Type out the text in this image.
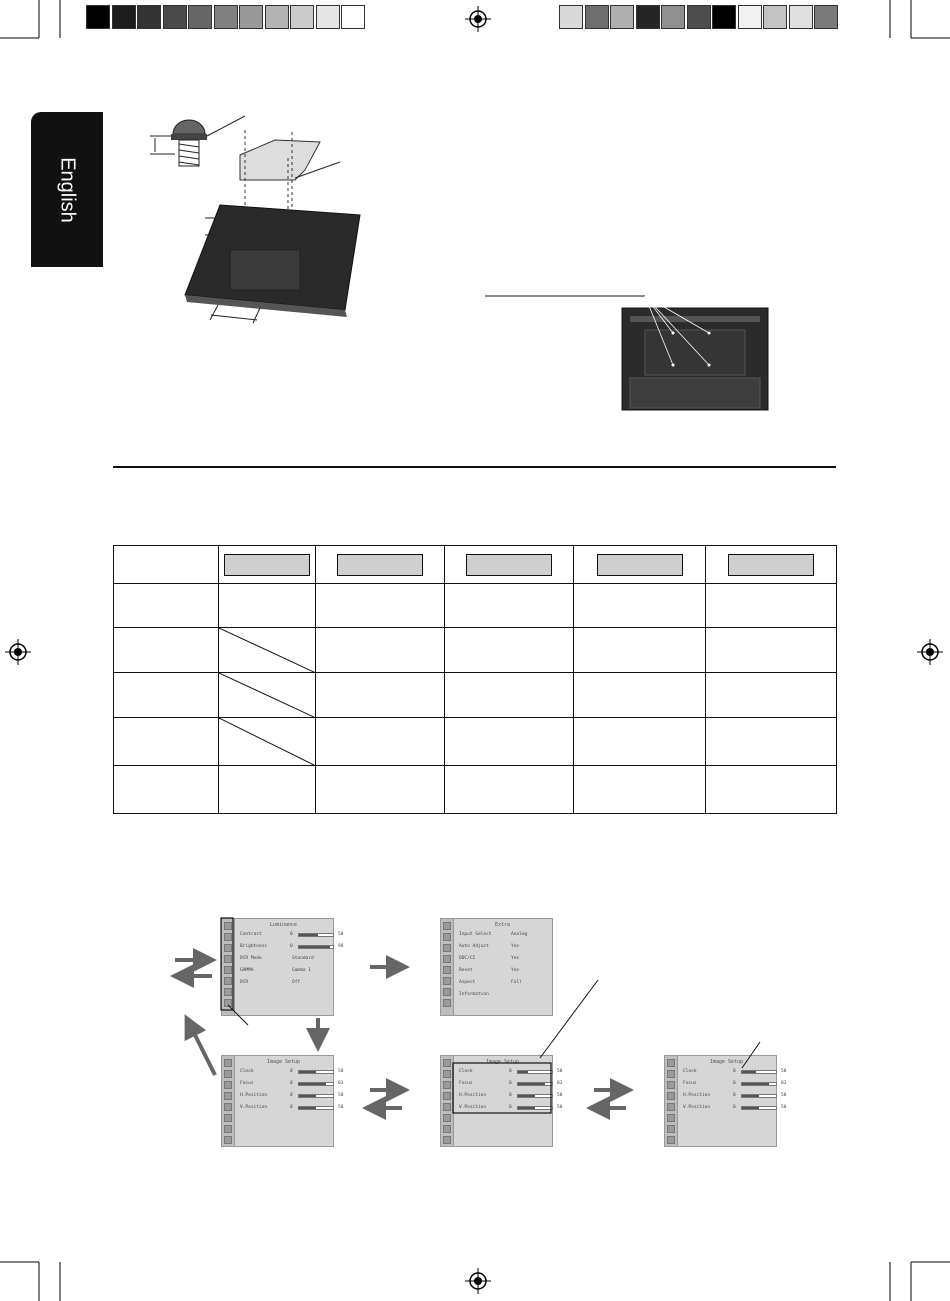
English

Luminance
Contrast	0	50
Brightness	0	90
DCR Mode	Standard
GAMMA	Gamma 1
DCR	Off
Extra
Input Select	Analog
Auto Adjust	Yes
DDC/CI	Yes
Reset	Yes
Aspect	Full
Information
Image Setup
Clock	0	50
Focus	0	83
H.Position	0	50
V.Position	0	50
Image Setup
Clock	0	50
Focus	0	83
H.Position	0	50
V.Position	0	50
Image Setup
Clock	0	50
Focus	0	83
H.Position	0	50
V.Position	0	50
